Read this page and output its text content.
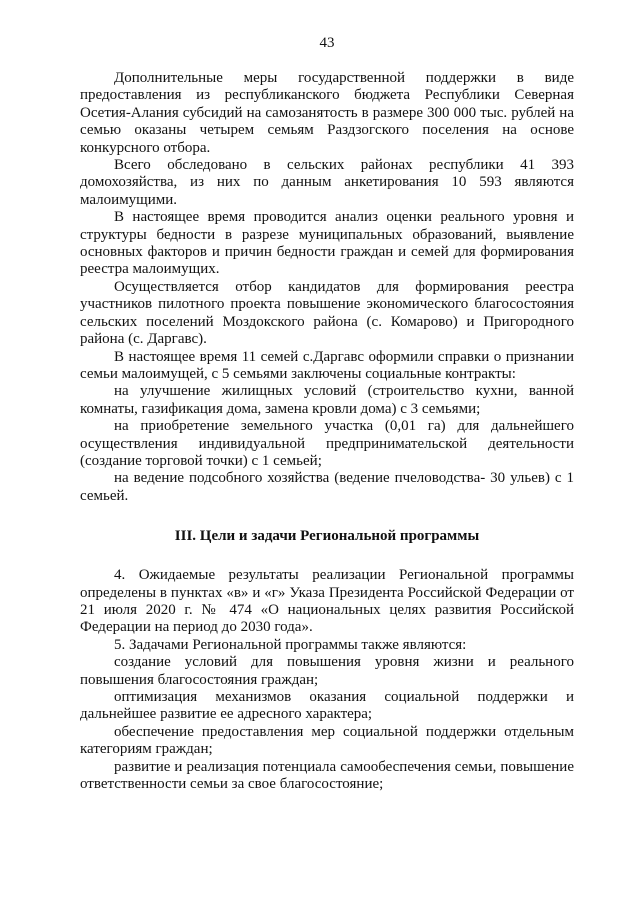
43

Дополнительные меры государственной поддержки в виде предоставления из республиканского бюджета Республики Северная Осетия-Алания субсидий на самозанятость в размере 300 000 тыс. рублей на семью оказаны четырем семьям Раздзогского поселения на основе конкурсного отбора.

Всего обследовано в сельских районах республики 41 393 домохозяйства, из них по данным анкетирования 10 593 являются малоимущими.

В настоящее время проводится анализ оценки реального уровня и структуры бедности в разрезе муниципальных образований, выявление основных факторов и причин бедности граждан и семей для формирования реестра малоимущих.

Осуществляется отбор кандидатов для формирования реестра участников пилотного проекта повышение экономического благосостояния сельских поселений Моздокского района (с. Комарово) и Пригородного района (с. Даргавс).

В настоящее время 11 семей с.Даргавс оформили справки о признании семьи малоимущей, с 5 семьями заключены социальные контракты:

на улучшение жилищных условий (строительство кухни, ванной комнаты, газификация дома, замена кровли дома) с 3 семьями;

на приобретение земельного участка (0,01 га) для дальнейшего осуществления индивидуальной предпринимательской деятельности (создание торговой точки) с 1 семьей;

на ведение подсобного хозяйства (ведение пчеловодства- 30 ульев) с 1 семьей.

III. Цели и задачи Региональной программы

4. Ожидаемые результаты реализации Региональной программы определены в пунктах «в» и «г» Указа Президента Российской Федерации от 21 июля 2020 г. № 474 «О национальных целях развития Российской Федерации на период до 2030 года».

5. Задачами Региональной программы также являются:

создание условий для повышения уровня жизни и реального повышения благосостояния граждан;

оптимизация механизмов оказания социальной поддержки и дальнейшее развитие ее адресного характера;

обеспечение предоставления мер социальной поддержки отдельным категориям граждан;

развитие и реализация потенциала самообеспечения семьи, повышение ответственности семьи за свое благосостояние;
